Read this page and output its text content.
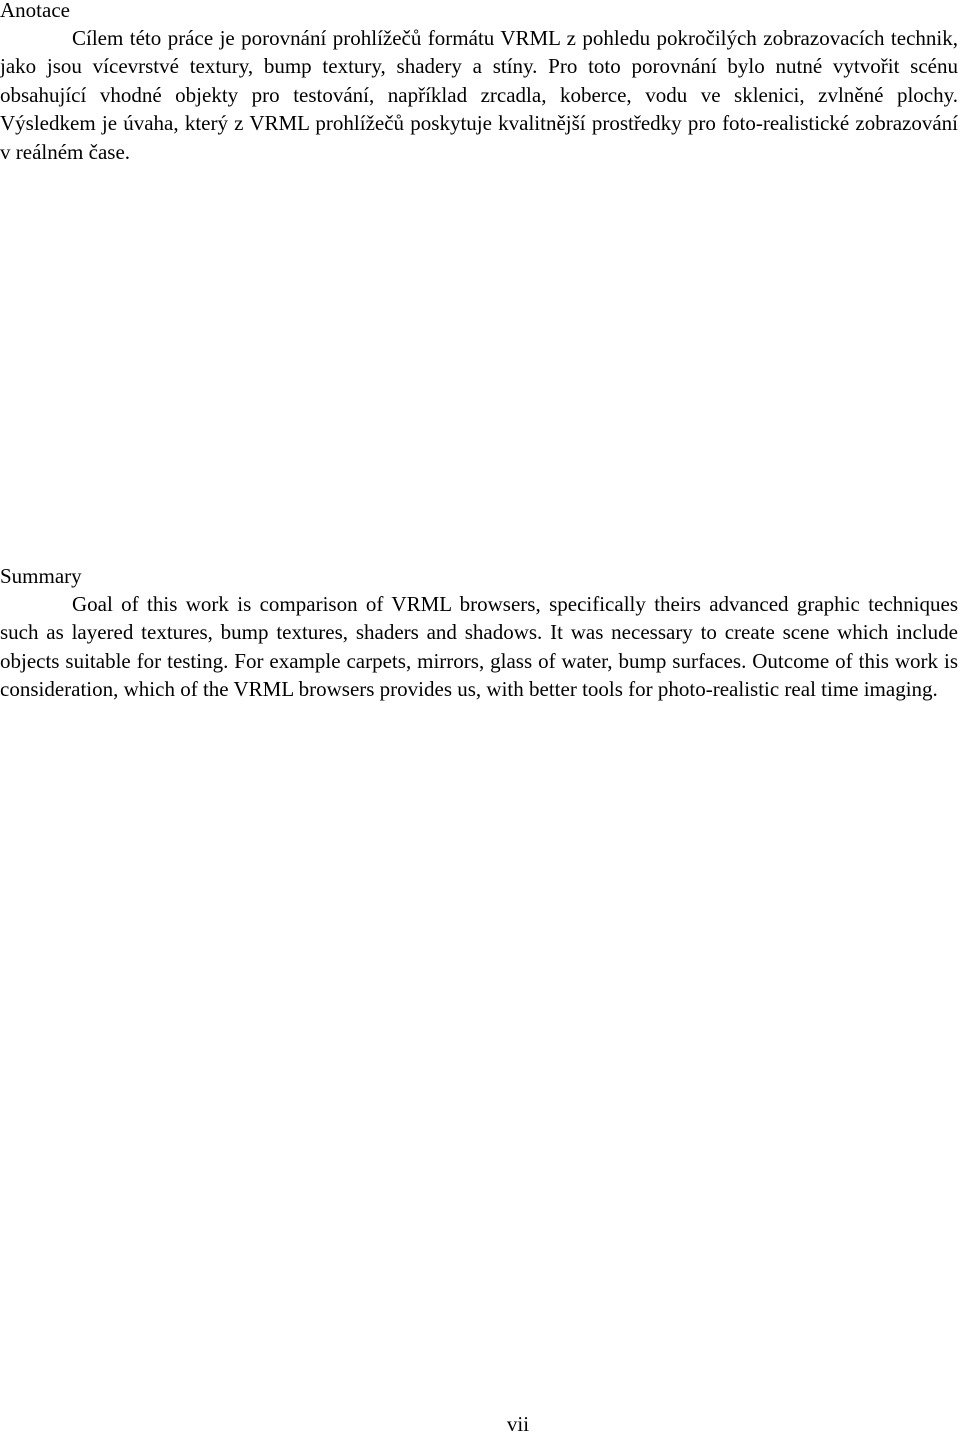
Anotace

Cílem této práce je porovnání prohlížečů formátu VRML z pohledu pokročilých zobrazovacích technik, jako jsou vícevrstvé textury, bump textury, shadery a stíny. Pro toto porovnání bylo nutné vytvořit scénu obsahující vhodné objekty pro testování, například zrcadla, koberce, vodu ve sklenici, zvlněné plochy. Výsledkem je úvaha, který z VRML prohlížečů poskytuje kvalitnější prostředky pro foto-realistické zobrazování v reálném čase.

Summary

Goal of this work is comparison of VRML browsers, specifically theirs advanced graphic techniques such as layered textures, bump textures, shaders and shadows. It was necessary to create scene which include objects suitable for testing. For example carpets, mirrors, glass of water, bump surfaces. Outcome of this work is consideration, which of the VRML browsers provides us, with better tools for photo-realistic real time imaging.

vii
